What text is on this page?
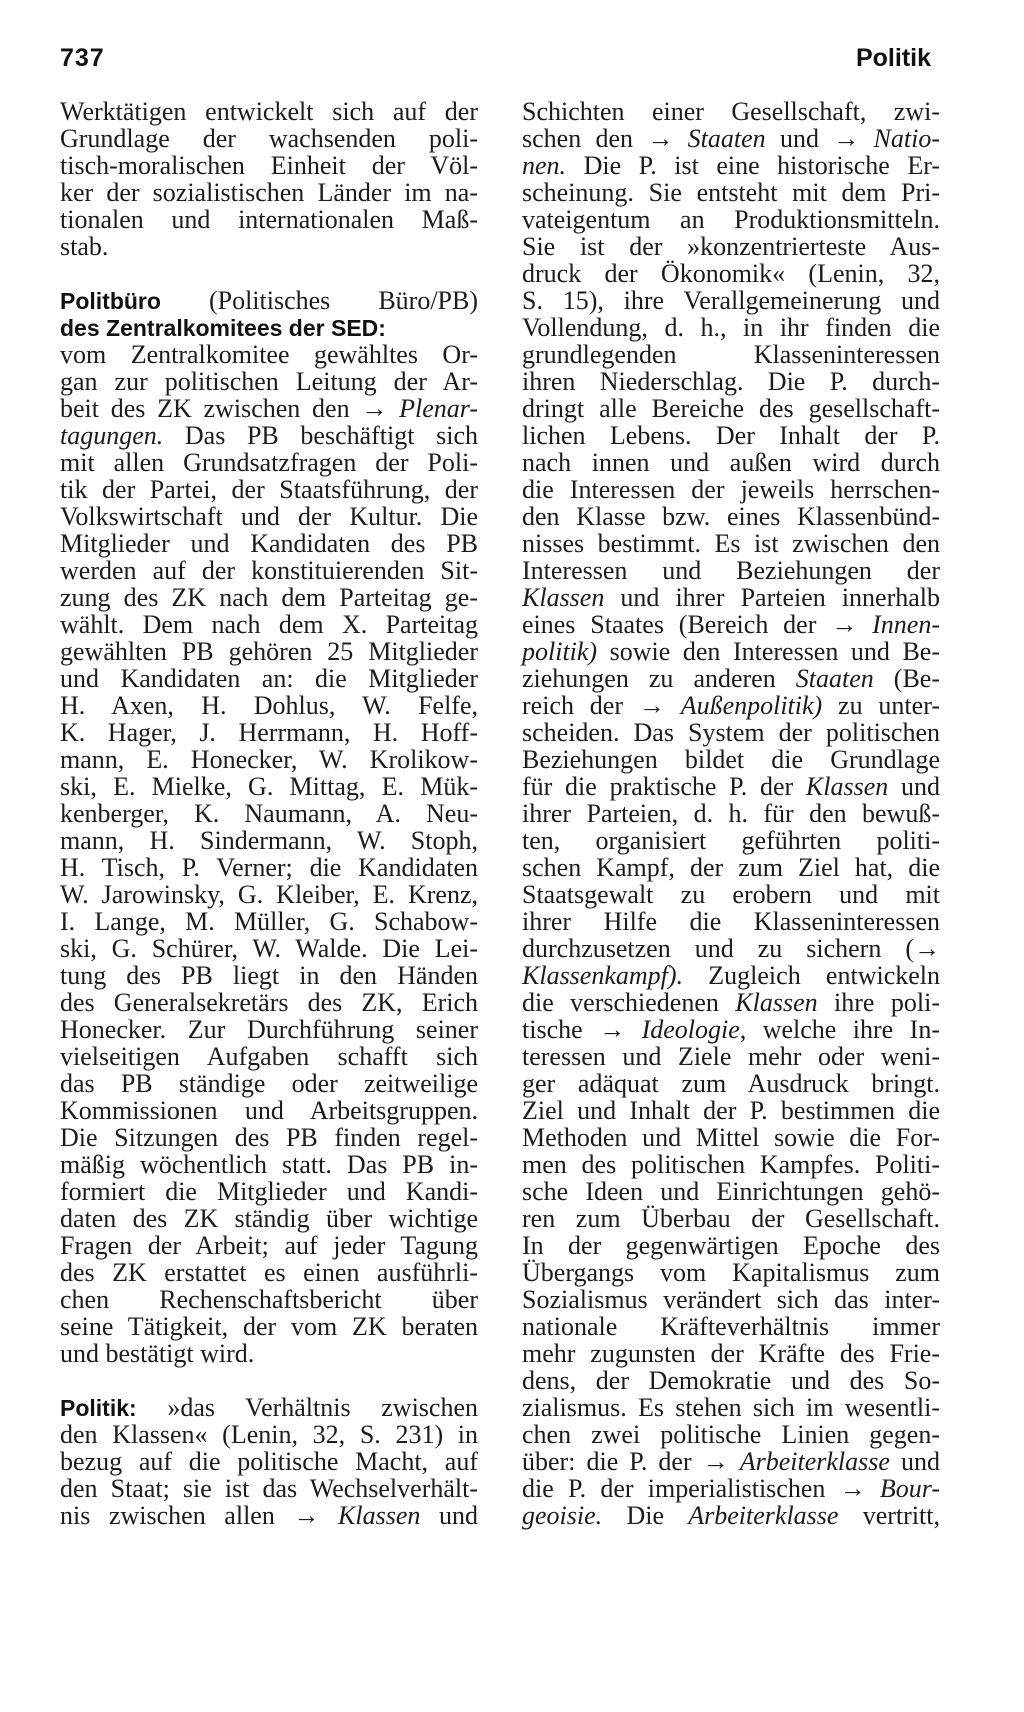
737	Politik
Werktätigen entwickelt sich auf der
Grundlage der wachsenden poli-
tisch-moralischen Einheit der Völ-
ker der sozialistischen Länder im na-
tionalen und internationalen Maß-
stab.
Politbüro (Politisches Büro/PB)
des Zentralkomitees der SED:
vom Zentralkomitee gewähltes Or-
gan zur politischen Leitung der Ar-
beit des ZK zwischen den → Plenar-
tagungen. Das PB beschäftigt sich
mit allen Grundsatzfragen der Poli-
tik der Partei, der Staatsführung, der
Volkswirtschaft und der Kultur. Die
Mitglieder und Kandidaten des PB
werden auf der konstituierenden Sit-
zung des ZK nach dem Parteitag ge-
wählt. Dem nach dem X. Parteitag
gewählten PB gehören 25 Mitglieder
und Kandidaten an: die Mitglieder
H. Axen, H. Dohlus, W. Felfe,
K. Hager, J. Herrmann, H. Hoff-
mann, E. Honecker, W. Krolikow-
ski, E. Mielke, G. Mittag, E. Mük-
kenberger, K. Naumann, A. Neu-
mann, H. Sindermann, W. Stoph,
H. Tisch, P. Verner; die Kandidaten
W. Jarowinsky, G. Kleiber, E. Krenz,
I. Lange, M. Müller, G. Schabow-
ski, G. Schürer, W. Walde. Die Lei-
tung des PB liegt in den Händen
des Generalsekretärs des ZK, Erich
Honecker. Zur Durchführung seiner
vielseitigen Aufgaben schafft sich
das PB ständige oder zeitweilige
Kommissionen und Arbeitsgruppen.
Die Sitzungen des PB finden regel-
mäßig wöchentlich statt. Das PB in-
formiert die Mitglieder und Kandi-
daten des ZK ständig über wichtige
Fragen der Arbeit; auf jeder Tagung
des ZK erstattet es einen ausführli-
chen Rechenschaftsbericht über
seine Tätigkeit, der vom ZK beraten
und bestätigt wird.
Politik: »das Verhältnis zwischen
den Klassen« (Lenin, 32, S. 231) in
bezug auf die politische Macht, auf
den Staat; sie ist das Wechselverhält-
nis zwischen allen → Klassen und
Schichten einer Gesellschaft, zwi-
schen den → Staaten und → Natio-
nen. Die P. ist eine historische Er-
scheinung. Sie entsteht mit dem Pri-
vateigentum an Produktionsmitteln.
Sie ist der »konzentrierteste Aus-
druck der Ökonomik« (Lenin, 32,
S. 15), ihre Verallgemeinerung und
Vollendung, d. h., in ihr finden die
grundlegenden Klasseninteressen
ihren Niederschlag. Die P. durch-
dringt alle Bereiche des gesellschaft-
lichen Lebens. Der Inhalt der P.
nach innen und außen wird durch
die Interessen der jeweils herrschen-
den Klasse bzw. eines Klassenbünd-
nisses bestimmt. Es ist zwischen den
Interessen und Beziehungen der
Klassen und ihrer Parteien innerhalb
eines Staates (Bereich der → Innen-
politik) sowie den Interessen und Be-
ziehungen zu anderen Staaten (Be-
reich der → Außenpolitik) zu unter-
scheiden. Das System der politischen
Beziehungen bildet die Grundlage
für die praktische P. der Klassen und
ihrer Parteien, d. h. für den bewuß-
ten, organisiert geführten politi-
schen Kampf, der zum Ziel hat, die
Staatsgewalt zu erobern und mit
ihrer Hilfe die Klasseninteressen
durchzusetzen und zu sichern (→
Klassenkampf). Zugleich entwickeln
die verschiedenen Klassen ihre poli-
tische → Ideologie, welche ihre In-
teressen und Ziele mehr oder weni-
ger adäquat zum Ausdruck bringt.
Ziel und Inhalt der P. bestimmen die
Methoden und Mittel sowie die For-
men des politischen Kampfes. Politi-
sche Ideen und Einrichtungen gehö-
ren zum Überbau der Gesellschaft.
In der gegenwärtigen Epoche des
Übergangs vom Kapitalismus zum
Sozialismus verändert sich das inter-
nationale Kräfteverhältnis immer
mehr zugunsten der Kräfte des Frie-
dens, der Demokratie und des So-
zialismus. Es stehen sich im wesentli-
chen zwei politische Linien gegen-
über: die P. der → Arbeiterklasse und
die P. der imperialistischen → Bour-
geoisie. Die Arbeiterklasse vertritt,
